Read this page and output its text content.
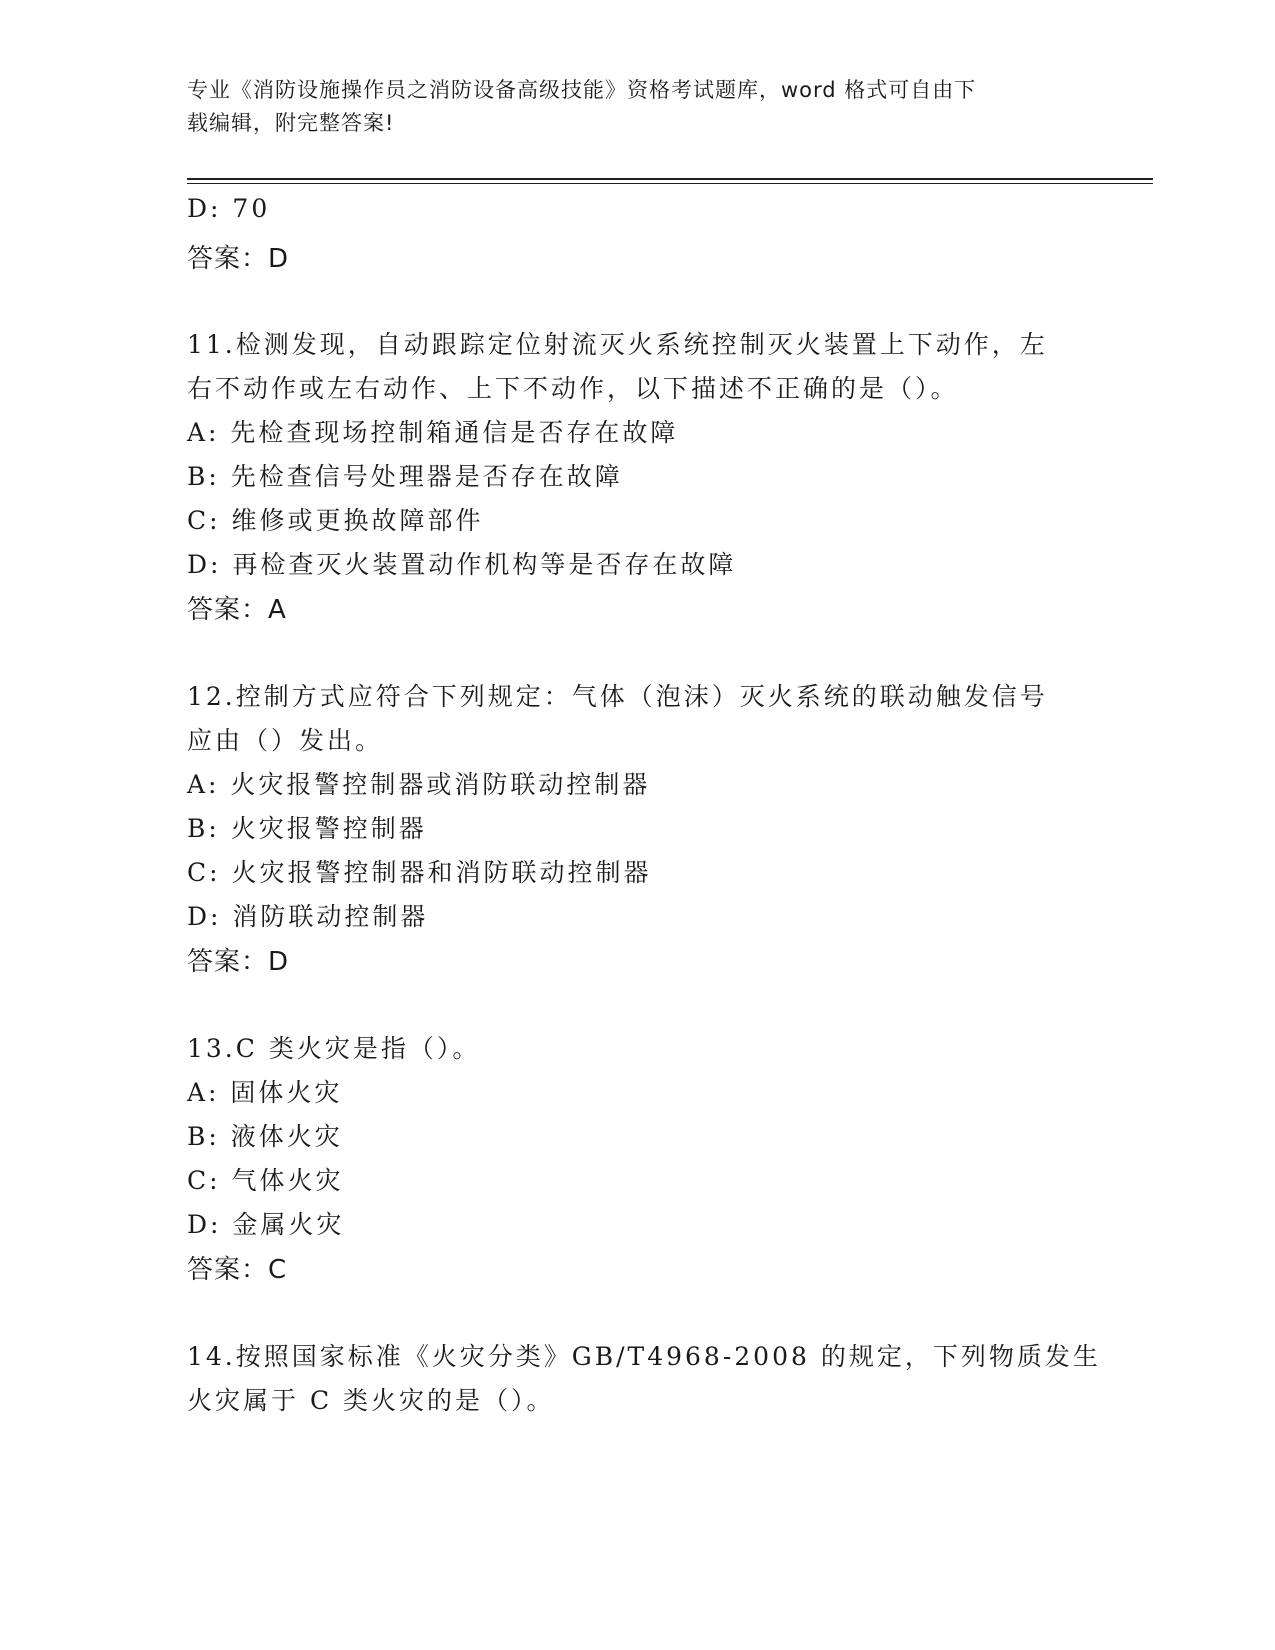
专业《消防设施操作员之消防设备高级技能》资格考试题库，word 格式可自由下
载编辑，附完整答案!
D: 70
答案：D
11.检测发现，自动跟踪定位射流灭火系统控制灭火装置上下动作，左
右不动作或左右动作、上下不动作，以下描述不正确的是（）。
A: 先检查现场控制箱通信是否存在故障
B: 先检查信号处理器是否存在故障
C: 维修或更换故障部件
D: 再检查灭火装置动作机构等是否存在故障
答案：A
12.控制方式应符合下列规定：气体（泡沫）灭火系统的联动触发信号
应由（）发出。
A: 火灾报警控制器或消防联动控制器
B: 火灾报警控制器
C: 火灾报警控制器和消防联动控制器
D: 消防联动控制器
答案：D
13.C 类火灾是指（）。
A: 固体火灾
B: 液体火灾
C: 气体火灾
D: 金属火灾
答案：C
14.按照国家标准《火灾分类》GB/T4968-2008 的规定，下列物质发生
火灾属于 C 类火灾的是（）。
